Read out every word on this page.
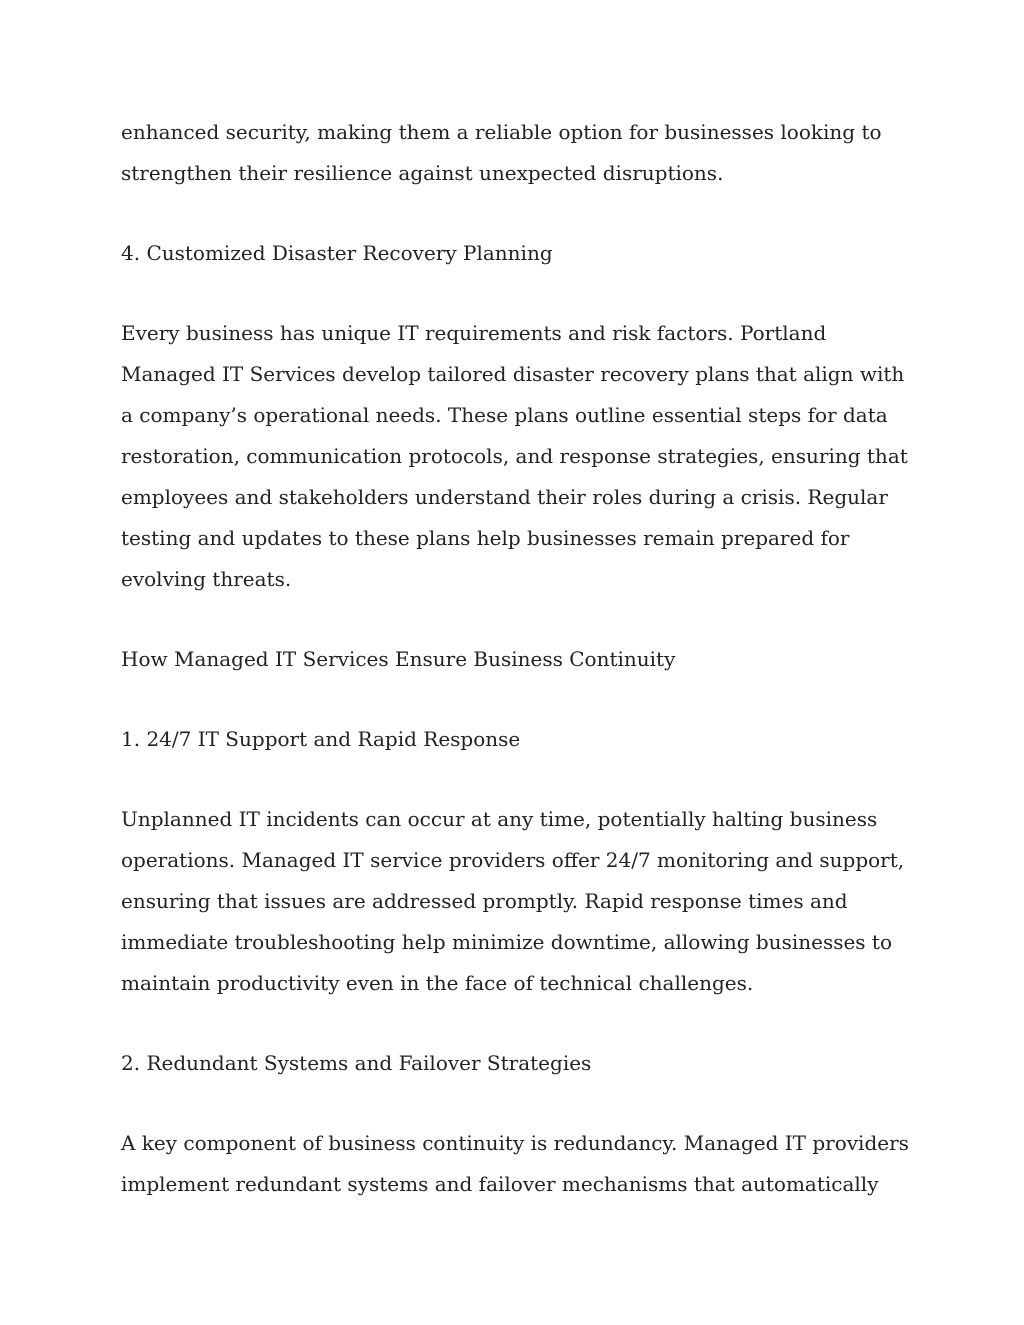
enhanced security, making them a reliable option for businesses looking to strengthen their resilience against unexpected disruptions.

4. Customized Disaster Recovery Planning

Every business has unique IT requirements and risk factors. Portland Managed IT Services develop tailored disaster recovery plans that align with a company’s operational needs. These plans outline essential steps for data restoration, communication protocols, and response strategies, ensuring that employees and stakeholders understand their roles during a crisis. Regular testing and updates to these plans help businesses remain prepared for evolving threats.

How Managed IT Services Ensure Business Continuity

1. 24/7 IT Support and Rapid Response

Unplanned IT incidents can occur at any time, potentially halting business operations. Managed IT service providers offer 24/7 monitoring and support, ensuring that issues are addressed promptly. Rapid response times and immediate troubleshooting help minimize downtime, allowing businesses to maintain productivity even in the face of technical challenges.

2. Redundant Systems and Failover Strategies

A key component of business continuity is redundancy. Managed IT providers implement redundant systems and failover mechanisms that automatically
